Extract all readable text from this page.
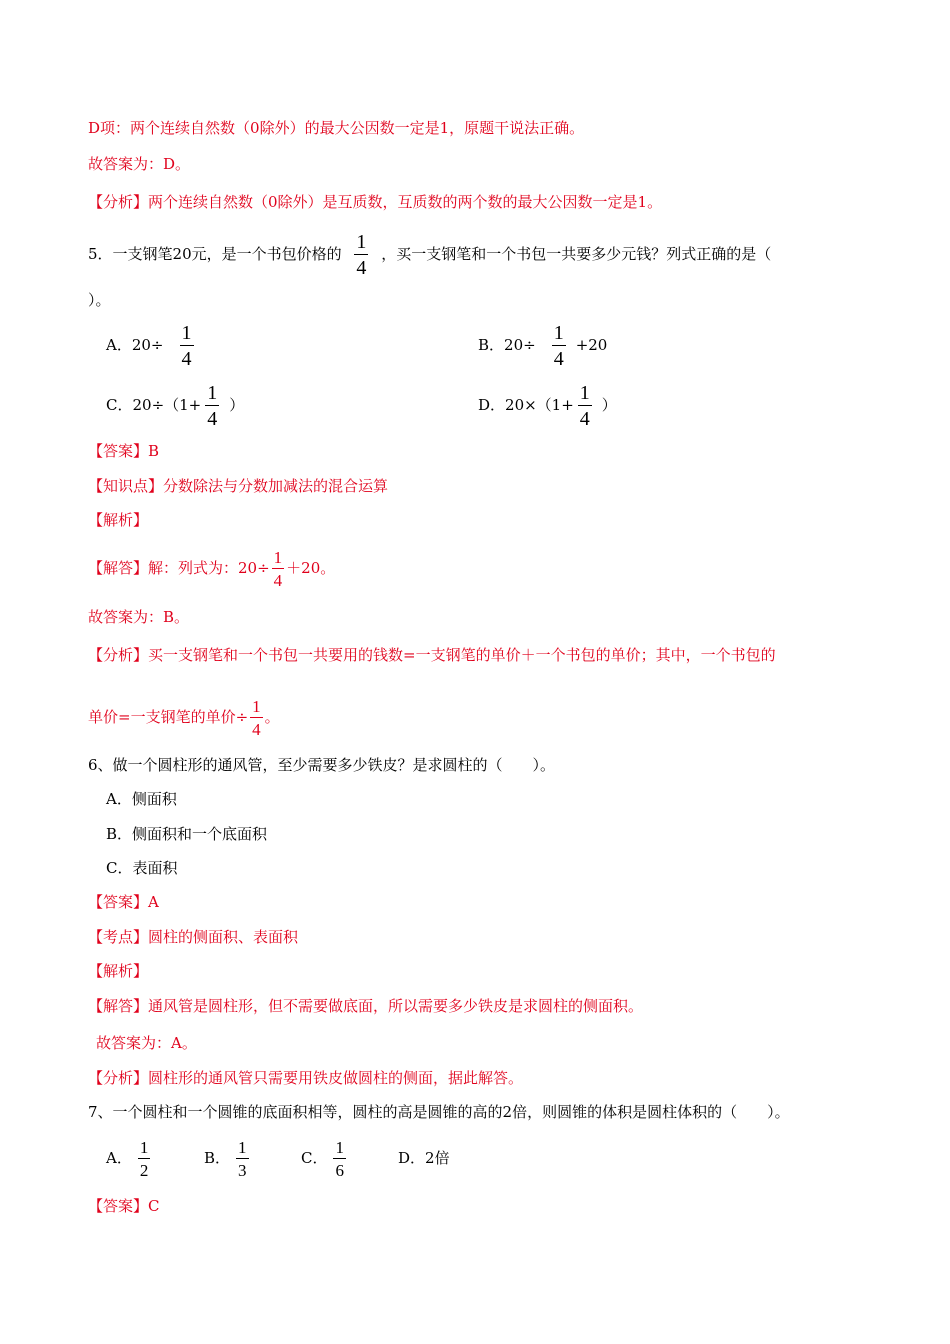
D项：两个连续自然数（0除外）的最大公因数一定是1，原题干说法正确。
故答案为：D。
【分析】两个连续自然数（0除外）是互质数，互质数的两个数的最大公因数一定是1。
5．一支钢笔20元，是一个书包价格的 $\frac{1}{4}$ ，买一支钢笔和一个书包一共要多少元钱？列式正确的是（
）。
A．$20\div \frac{1}{4}$	B．$20\div \frac{1}{4} +20$
C．$20\div(1+ \frac{1}{4}$ ）	D．$20\times(1+ \frac{1}{4}$ ）
【答案】B
【知识点】分数除法与分数加减法的混合运算
【解析】
【解答】解：列式为：$20\div \frac{1}{4} +20$。
故答案为：B。
【分析】买一支钢笔和一个书包一共要用的钱数=一支钢笔的单价＋一个书包的单价；其中，一个书包的
单价=一支钢笔的单价÷ $\frac{1}{4}$ 。
6、做一个圆柱形的通风管，至少需要多少铁皮？是求圆柱的（　　）。
A．侧面积
B．侧面积和一个底面积
C．表面积
【答案】A
【考点】圆柱的侧面积、表面积
【解析】
【解答】通风管是圆柱形，但不需要做底面，所以需要多少铁皮是求圆柱的侧面积。
故答案为：A。
【分析】圆柱形的通风管只需要用铁皮做圆柱的侧面，据此解答。
7、一个圆柱和一个圆锥的底面积相等，圆柱的高是圆锥的高的2倍，则圆锥的体积是圆柱体积的（　　）。
A． $\frac{1}{2}$	B． $\frac{1}{3}$	C． $\frac{1}{6}$	D．2倍
【答案】C
